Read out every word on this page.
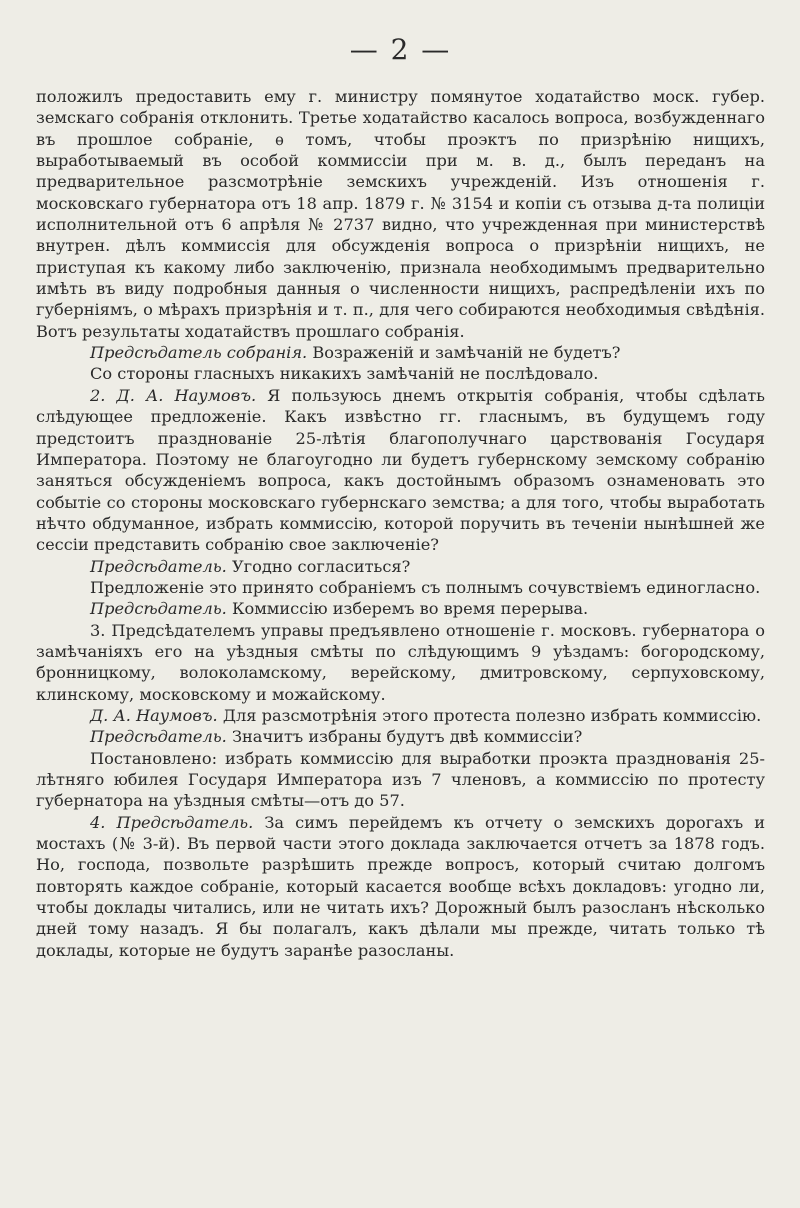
— 2 —

положилъ предоставить ему г. министру помянутое ходатайство моск. губер. земскаго собранія отклонить. Третье ходатайство касалось вопроса, возбужденнаго въ прошлое собраніе, ѳ томъ, чтобы проэктъ по призрѣнію нищихъ, выработываемый въ особой коммиссіи при м. в. д., былъ переданъ на предварительное разсмотрѣніе земскихъ учрежденій. Изъ отношенія г. московскаго губернатора отъ 18 апр. 1879 г. № 3154 и копіи съ отзыва д-та полиціи исполнительной отъ 6 апрѣля № 2737 видно, что учрежденная при министерствѣ внутрен. дѣлъ коммиссія для обсужденія вопроса о призрѣніи нищихъ, не приступая къ какому либо заключенію, признала необходимымъ предварительно имѣть въ виду подробныя данныя о численности нищихъ, распредѣленіи ихъ по губерніямъ, о мѣрахъ призрѣнія и т. п., для чего собираются необходимыя свѣдѣнія. Вотъ результаты ходатайствъ прошлаго собранія.

Предсѣдатель собранія. Возраженій и замѣчаній не будетъ?

Со стороны гласныхъ никакихъ замѣчаній не послѣдовало.

2. Д. А. Наумовъ. Я пользуюсь днемъ открытія собранія, чтобы сдѣлать слѣдующее предложеніе. Какъ извѣстно гг. гласнымъ, въ будущемъ году предстоитъ празднованіе 25-лѣтія благополучнаго царствованія Государя Императора. Поэтому не благоугодно ли будетъ губернскому земскому собранію заняться обсужденіемъ вопроса, какъ достойнымъ образомъ ознаменовать это событіе со стороны московскаго губернскаго земства; а для того, чтобы выработать нѣчто обдуманное, избрать коммиссію, которой поручить въ теченіи нынѣшней же сессіи представить собранію свое заключеніе?

Предсѣдатель. Угодно согласиться?

Предложеніе это принято собраніемъ съ полнымъ сочувствіемъ единогласно.

Предсѣдатель. Коммиссію изберемъ во время перерыва.

3. Предсѣдателемъ управы предъявлено отношеніе г. московъ. губернатора о замѣчаніяхъ его на уѣздныя смѣты по слѣдующимъ 9 уѣздамъ: богородскому, бронницкому, волоколамскому, верейскому, дмитровскому, серпуховскому, клинскому, московскому и можайскому.

Д. А. Наумовъ. Для разсмотрѣнія этого протеста полезно избрать коммиссію.

Предсѣдатель. Значитъ избраны будутъ двѣ коммиссіи?

Постановлено: избрать коммиссію для выработки проэкта празднованія 25-лѣтняго юбилея Государя Императора изъ 7 членовъ, а коммиссію по протесту губернатора на уѣздныя смѣты—отъ до 57.

4. Предсѣдатель. За симъ перейдемъ къ отчету о земскихъ дорогахъ и мостахъ (№ 3-й). Въ первой части этого доклада заключается отчетъ за 1878 годъ. Но, господа, позвольте разрѣшить прежде вопросъ, который считаю долгомъ повторять каждое собраніе, который касается вообще всѣхъ докладовъ: угодно ли, чтобы доклады читались, или не читать ихъ? Дорожный былъ разосланъ нѣсколько дней тому назадъ. Я бы полагалъ, какъ дѣлали мы прежде, читать только тѣ доклады, которые не будутъ заранѣе разосланы.
